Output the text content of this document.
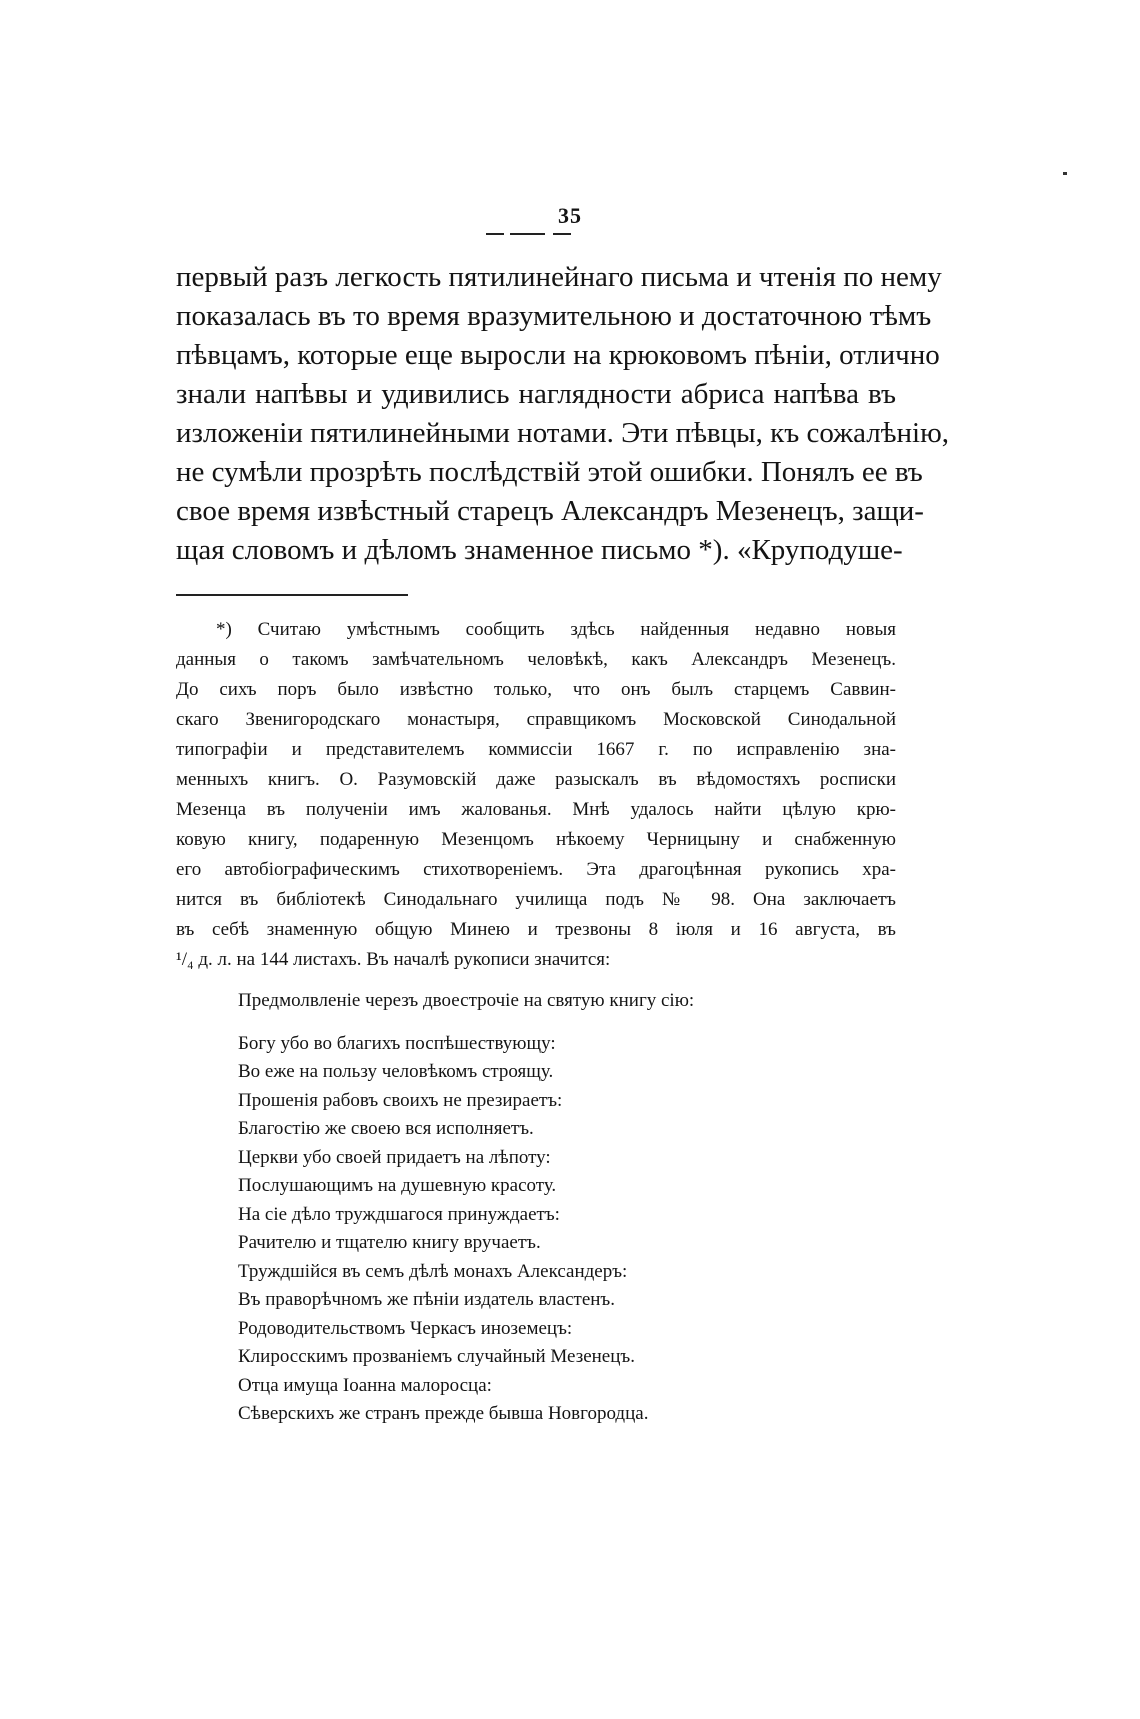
35
первый разъ легкость пятилинейнаго письма и чтенія по нему
показалась въ то время вразумительною и достаточною тѣмъ
пѣвцамъ, которые еще выросли на крюковомъ пѣніи, отлично
знали напѣвы и удивились наглядности абриса напѣва въ
изложеніи пятилинейными нотами. Эти пѣвцы, къ сожалѣнію,
не сумѣли прозрѣть послѣдствій этой ошибки. Понялъ ее въ
свое время извѣстный старецъ Александръ Мезенецъ, защи-
щая словомъ и дѣломъ знаменное письмо *). «Круподуше-
*) Считаю умѣстнымъ сообщить здѣсь найденныя недавно новыя
данныя о такомъ замѣчательномъ человѣкѣ, какъ Александръ Мезенецъ.
До сихъ поръ было извѣстно только, что онъ былъ старцемъ Саввин-
скаго Звенигородскаго монастыря, справщикомъ Московской Синодальной
типографіи и представителемъ коммиссіи 1667 г. по исправленію зна-
менныхъ книгъ. О. Разумовскій даже разыскалъ въ вѣдомостяхъ росписки
Мезенца въ полученіи имъ жалованья. Мнѣ удалось найти цѣлую крю-
ковую книгу, подаренную Мезенцомъ нѣкоему Черницыну и снабженную
его автобіографическимъ стихотвореніемъ. Эта драгоцѣнная рукопись хра-
нится въ библіотекѣ Синодальнаго училища подъ № 98. Она заключаетъ
въ себѣ знаменную общую Минею и трезвоны 8 іюля и 16 августа, въ
¹/₄ д. л. на 144 листахъ. Въ началѣ рукописи значится:
Предмолвленіе черезъ двоестрочіе на святую книгу сію:
Богу убо во благихъ поспѣшествующу:
Во еже на пользу человѣкомъ строящу.
Прошенія рабовъ своихъ не презираетъ:
Благостію же своею вся исполняетъ.
Церкви убо своей придаетъ на лѣпоту:
Послушающимъ на душевную красоту.
На сіе дѣло труждшагося принуждаетъ:
Рачителю и тщателю книгу вручаетъ.
Труждшійся въ семъ дѣлѣ монахъ Александеръ:
Въ праворѣчномъ же пѣніи издатель властенъ.
Родоводительствомъ Черкасъ иноземецъ:
Клиросскимъ прозваніемъ случайный Мезенецъ.
Отца имуща Іоанна малоросца:
Сѣверскихъ же странъ прежде бывша Новгородца.
